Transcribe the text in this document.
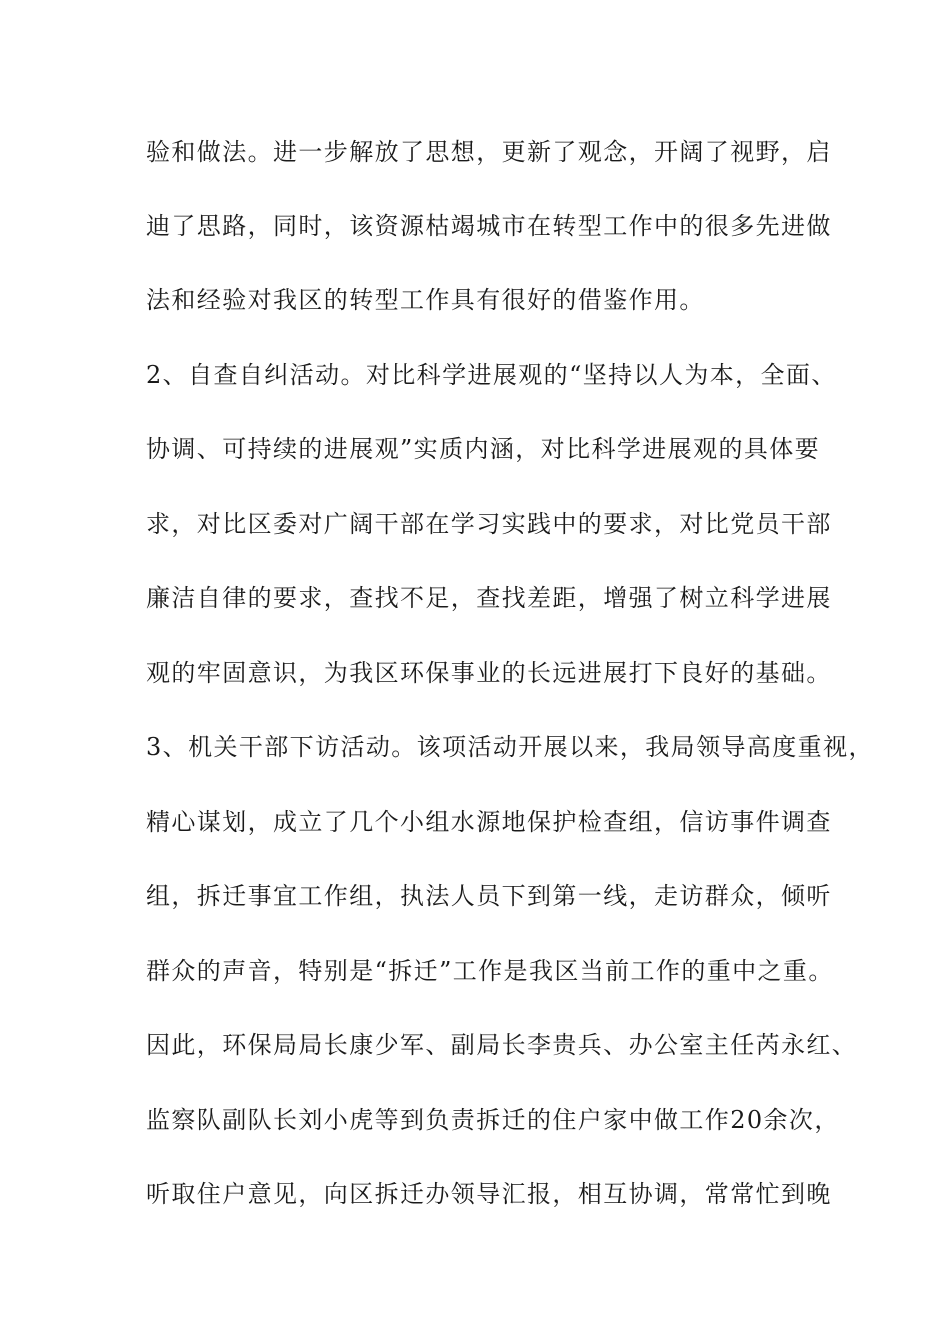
验和做法。进一步解放了思想，更新了观念，开阔了视野，启
迪了思路，同时，该资源枯竭城市在转型工作中的很多先进做
法和经验对我区的转型工作具有很好的借鉴作用。
2、自查自纠活动。对比科学进展观的“坚持以人为本，全面、
协调、可持续的进展观”实质内涵，对比科学进展观的具体要
求，对比区委对广阔干部在学习实践中的要求，对比党员干部
廉洁自律的要求，查找不足，查找差距，增强了树立科学进展
观的牢固意识，为我区环保事业的长远进展打下良好的基础。
3、机关干部下访活动。该项活动开展以来，我局领导高度重视，
精心谋划，成立了几个小组水源地保护检查组，信访事件调查
组，拆迁事宜工作组，执法人员下到第一线，走访群众，倾听
群众的声音，特别是“拆迁”工作是我区当前工作的重中之重。
因此，环保局局长康少军、副局长李贵兵、办公室主任芮永红、
监察队副队长刘小虎等到负责拆迁的住户家中做工作20余次，
听取住户意见，向区拆迁办领导汇报，相互协调，常常忙到晚
